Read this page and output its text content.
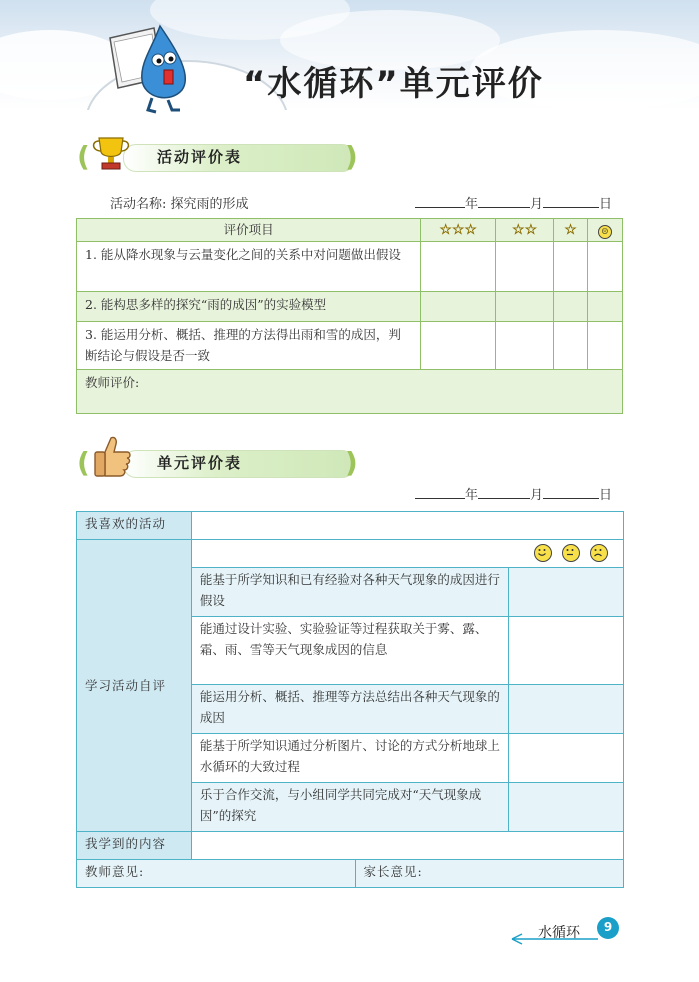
“水循环”单元评价
(	)
活动评价表
活动名称: 探究雨的形成	年	月	日
评价项目	☆☆☆	☆☆	☆	☹
1. 能从降水现象与云量变化之间的关系中对问题做出假设				
2. 能构思多样的探究“雨的成因”的实验模型				
3. 能运用分析、概括、推理的方法得出雨和雪的成因，判断结论与假设是否一致				
教师评价:				
(	)
单元评价表
年	月	日
我喜欢的活动			
学习活动自评	

	能基于所学知识和已有经验对各种天气现象的成因进行假设		
	能通过设计实验、实验验证等过程获取关于雾、露、霜、雨、雪等天气现象成因的信息		
	能运用分析、概括、推理等方法总结出各种天气现象的成因		
	能基于所学知识通过分析图片、讨论的方式分析地球上水循环的大致过程		
	乐于合作交流，与小组同学共同完成对“天气现象成因”的探究		
我学到的内容			
教师意见:		家长意见:	
水循环 9
